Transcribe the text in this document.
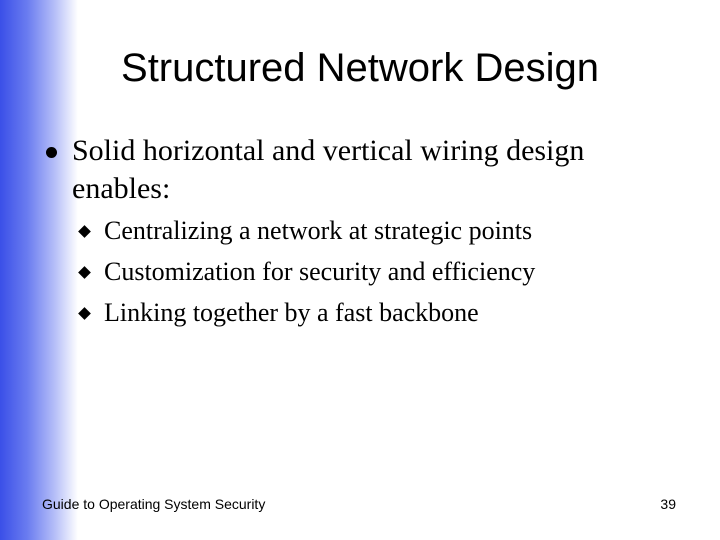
Structured Network Design
Solid horizontal and vertical wiring design enables:
Centralizing a network at strategic points
Customization for security and efficiency
Linking together by a fast backbone
Guide to Operating System Security	39
